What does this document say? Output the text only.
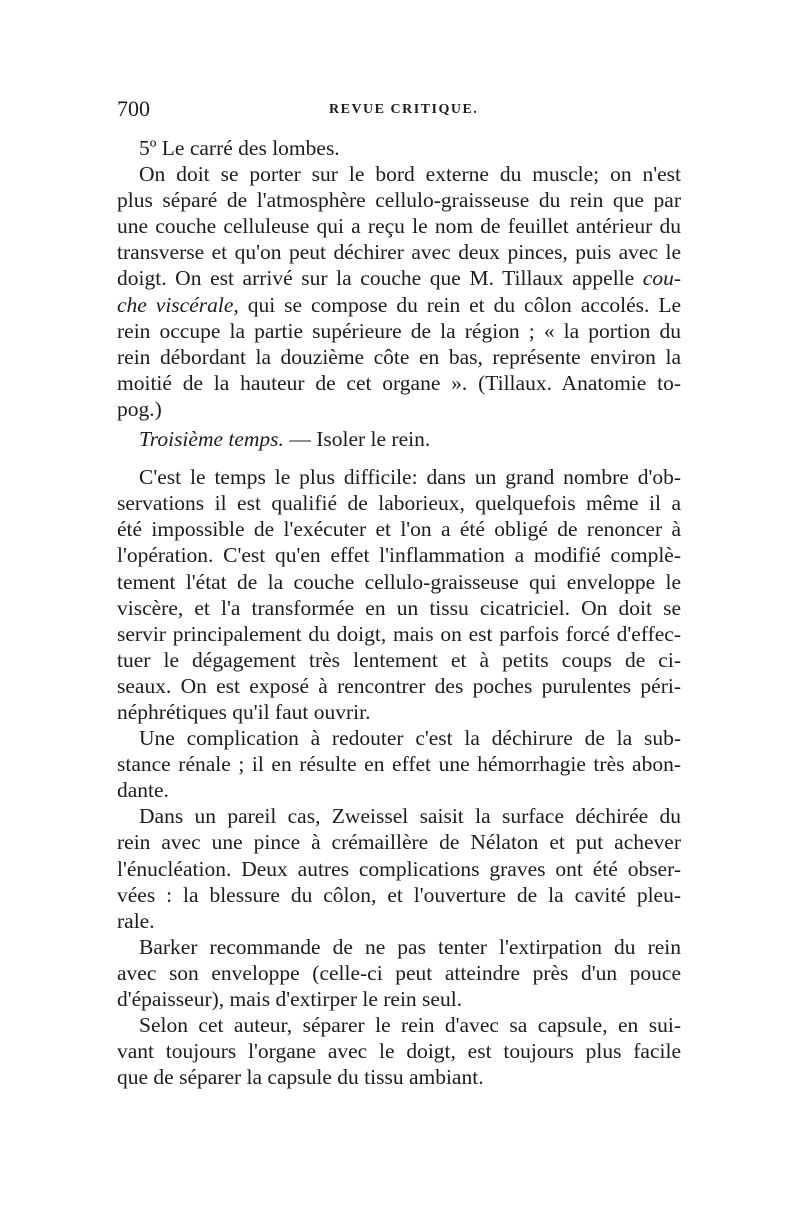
700	REVUE CRITIQUE.
5º Le carré des lombes.
On doit se porter sur le bord externe du muscle; on n'est
plus séparé de l'atmosphère cellulo-graisseuse du rein que par
une couche celluleuse qui a reçu le nom de feuillet antérieur du
transverse et qu'on peut déchirer avec deux pinces, puis avec le
doigt. On est arrivé sur la couche que M. Tillaux appelle cou-
che viscérale, qui se compose du rein et du côlon accolés. Le
rein occupe la partie supérieure de la région ; « la portion du
rein débordant la douzième côte en bas, représente environ la
moitié de la hauteur de cet organe ». (Tillaux. Anatomie to-
pog.)
Troisième temps. — Isoler le rein.
C'est le temps le plus difficile: dans un grand nombre d'ob-
servations il est qualifié de laborieux, quelquefois même il a
été impossible de l'exécuter et l'on a été obligé de renoncer à
l'opération. C'est qu'en effet l'inflammation a modifié complè-
tement l'état de la couche cellulo-graisseuse qui enveloppe le
viscère, et l'a transformée en un tissu cicatriciel. On doit se
servir principalement du doigt, mais on est parfois forcé d'effec-
tuer le dégagement très lentement et à petits coups de ci-
seaux. On est exposé à rencontrer des poches purulentes péri-
néphrétiques qu'il faut ouvrir.
Une complication à redouter c'est la déchirure de la sub-
stance rénale ; il en résulte en effet une hémorrhagie très abon-
dante.
Dans un pareil cas, Zweissel saisit la surface déchirée du
rein avec une pince à crémaillère de Nélaton et put achever
l'énucléation. Deux autres complications graves ont été obser-
vées : la blessure du côlon, et l'ouverture de la cavité pleu-
rale.
Barker recommande de ne pas tenter l'extirpation du rein
avec son enveloppe (celle-ci peut atteindre près d'un pouce
d'épaisseur), mais d'extirper le rein seul.
Selon cet auteur, séparer le rein d'avec sa capsule, en sui-
vant toujours l'organe avec le doigt, est toujours plus facile
que de séparer la capsule du tissu ambiant.
